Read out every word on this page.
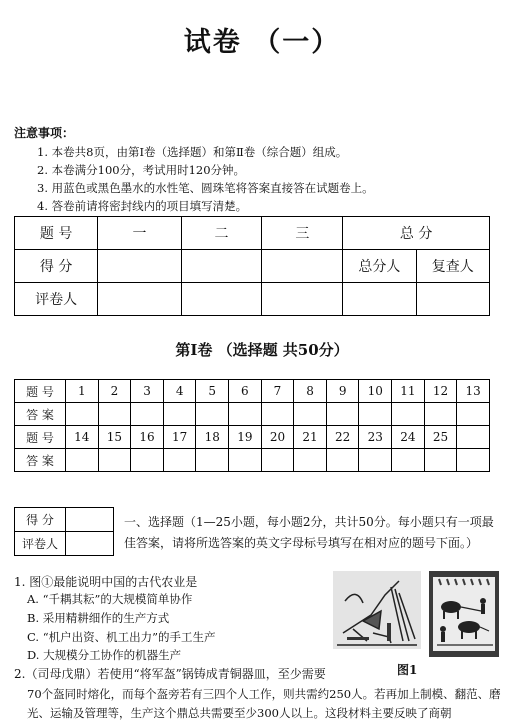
试卷 （一）
注意事项：
1. 本卷共8页，由第Ⅰ卷（选择题）和第Ⅱ卷（综合题）组成。
2. 本卷满分100分，考试用时120分钟。
3. 用蓝色或黑色墨水的水性笔、圆珠笔将答案直接答在试题卷上。
4. 答卷前请将密封线内的项目填写清楚。
题 号	一	二	三	总 分	
得 分				总分人	复查人
评卷人					
第Ⅰ卷 （选择题 共50分）
题 号	1	2	3	4	5	6	7	8	9	10	11	12	13
答 案													
题 号	14	15	16	17	18	19	20	21	22	23	24	25	
答 案													
得 分	
评卷人	
一、选择题（1—25小题，每小题2分，共计50分。每小题只有一项最
佳答案，请将所选答案的英文字母标号填写在相对应的题号下面。）
1. 图①最能说明中国的古代农业是
A. “千耦其耘”的大规模简单协作
B. 采用精耕细作的生产方式
C. “机户出资、机工出力”的手工生产
D. 大规模分工协作的机器生产
图1
2.（司母戊鼎）若使用“将军盔”锅铸成青铜器皿，至少需要
70个盔同时熔化，而每个盔旁若有三四个人工作，则共需约250人。若再加上制模、翻范、磨
光、运输及管理等，生产这个鼎总共需要至少300人以上。这段材料主要反映了商朝
